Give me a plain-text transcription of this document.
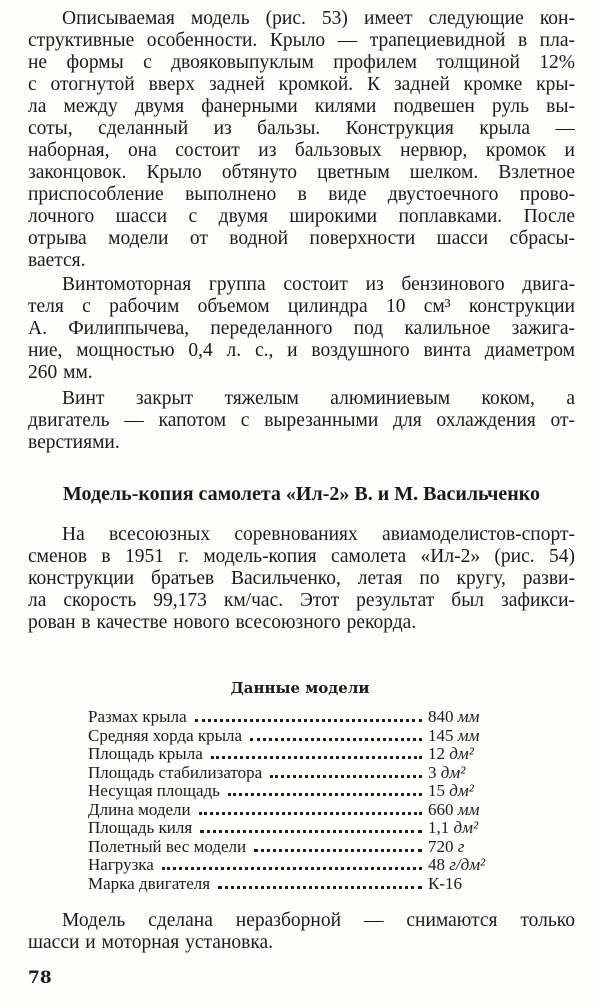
Описываемая модель (рис. 53) имеет следующие кон-
структивные особенности. Крыло — трапециевидной в пла-
не формы с двояковыпуклым профилем толщиной 12%
с отогнутой вверх задней кромкой. К задней кромке кры-
ла между двумя фанерными килями подвешен руль вы-
соты, сделанный из бальзы. Конструкция крыла —
наборная, она состоит из бальзовых нервюр, кромок и
законцовок. Крыло обтянуто цветным шелком. Взлетное
приспособление выполнено в виде двустоечного прово-
лочного шасси с двумя широкими поплавками. После
отрыва модели от водной поверхности шасси сбрасы-
вается.
Винтомоторная группа состоит из бензинового двига-
теля с рабочим объемом цилиндра 10 см³ конструкции
А. Филиппычева, переделанного под калильное зажига-
ние, мощностью 0,4 л. с., и воздушного винта диаметром
260 мм.
Винт закрыт тяжелым алюминиевым коком, а
двигатель — капотом с вырезанными для охлаждения от-
верстиями.
Модель-копия самолета «Ил-2» В. и М. Васильченко
На всесоюзных соревнованиях авиамоделистов-спорт-
сменов в 1951 г. модель-копия самолета «Ил-2» (рис. 54)
конструкции братьев Васильченко, летая по кругу, разви-
ла скорость 99,173 км/час. Этот результат был зафикси-
рован в качестве нового всесоюзного рекорда.
Данные модели
Размах крыла	840 мм
Средняя хорда крыла	145 мм
Площадь крыла	12 дм²
Площадь стабилизатора	3 дм²
Несущая площадь	15 дм²
Длина модели	660 мм
Площадь киля	1,1 дм²
Полетный вес модели	720 г
Нагрузка	48 г/дм²
Марка двигателя	К-16
Модель сделана неразборной — снимаются только
шасси и моторная установка.
78
